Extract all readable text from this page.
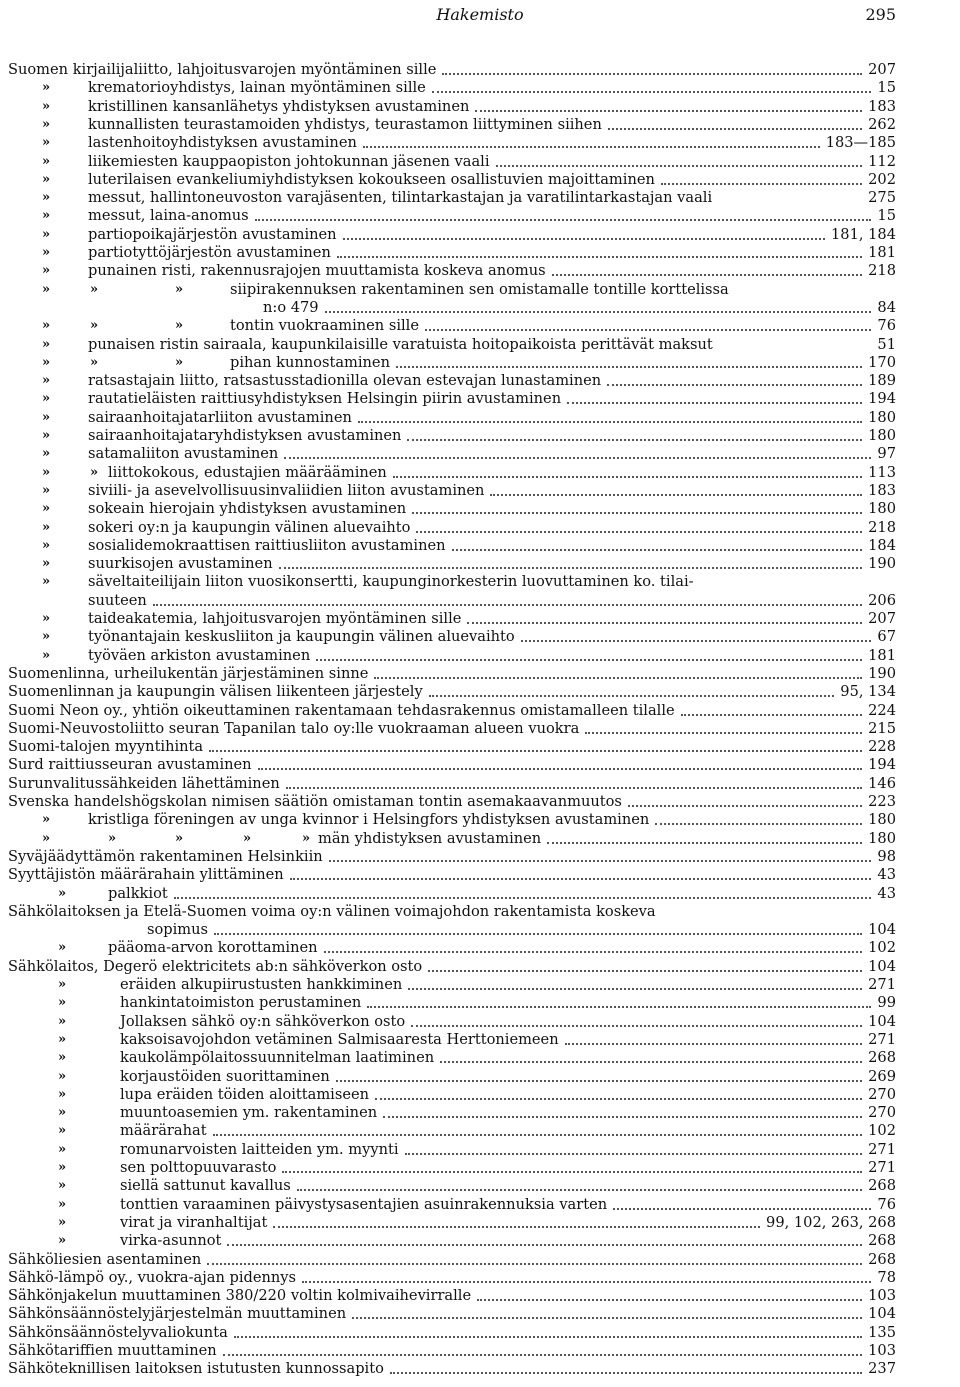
Hakemisto	295
Suomen kirjailijaliitto, lahjoitusvarojen myöntäminen sille	207
»	krematorioyhdistys, lainan myöntäminen sille	15
»	kristillinen kansanlähetys yhdistyksen avustaminen	183
»	kunnallisten teurastamoiden yhdistys, teurastamon liittyminen siihen	262
»	lastenhoitoyhdistyksen avustaminen	183—185
»	liikemiesten kauppaopiston johtokunnan jäsenen vaali	112
»	luterilaisen evankeliumiyhdistyksen kokoukseen osallistuvien majoittaminen	202
»	messut, hallintoneuvoston varajäsenten, tilintarkastajan ja varatilintarkastajan vaali	275
»	messut, laina-anomus	15
»	partiopoikajärjestön avustaminen	181, 184
»	partiotyttöjärjestön avustaminen	181
»	punainen risti, rakennusrajojen muuttamista koskeva anomus	218
»	»	»	siipirakennuksen rakentaminen sen omistamalle tontille korttelissa
n:o 479	84
»	»	»	tontin vuokraaminen sille	76
»	punaisen ristin sairaala, kaupunkilaisille varatuista hoitopaikoista perittävät maksut	51
»	»	»	pihan kunnostaminen	170
»	ratsastajain liitto, ratsastusstadionilla olevan estevajan lunastaminen	189
»	rautatieläisten raittiusyhdistyksen Helsingin piirin avustaminen	194
»	sairaanhoitajatarliiton avustaminen	180
»	sairaanhoitajataryhdistyksen avustaminen	180
»	satamaliiton avustaminen	97
»	» liittokokous, edustajien määrääminen	113
»	siviili- ja asevelvollisuusinvaliidien liiton avustaminen	183
»	sokeain hierojain yhdistyksen avustaminen	180
»	sokeri oy:n ja kaupungin välinen aluevaihto	218
»	sosialidemokraattisen raittiusliiton avustaminen	184
»	suurkisojen avustaminen	190
»	säveltaiteilijain liiton vuosikonsertti, kaupunginorkesterin luovuttaminen ko. tilai-
suuteen	206
»	taideakatemia, lahjoitusvarojen myöntäminen sille	207
»	työnantajain keskusliiton ja kaupungin välinen aluevaihto	67
»	työväen arkiston avustaminen	181
Suomenlinna, urheilukentän järjestäminen sinne	190
Suomenlinnan ja kaupungin välisen liikenteen järjestely	95, 134
Suomi Neon oy., yhtiön oikeuttaminen rakentamaan tehdasrakennus omistamalleen tilalle	224
Suomi-Neuvostoliitto seuran Tapanilan talo oy:lle vuokraaman alueen vuokra	215
Suomi-talojen myyntihinta	228
Surd raittiusseuran avustaminen	194
Surunvalitussähkeiden lähettäminen	146
Svenska handelshögskolan nimisen säätiön omistaman tontin asemakaavanmuutos	223
»	kristliga föreningen av unga kvinnor i Helsingfors yhdistyksen avustaminen	180
»	»	»	»	» män yhdistyksen avustaminen	180
Syväjäädyttämön rakentaminen Helsinkiin	98
Syyttäjistön määrärahain ylittäminen	43
»	palkkiot	43
Sähkölaitoksen ja Etelä-Suomen voima oy:n välinen voimajohdon rakentamista koskeva
sopimus	104
»	pääoma-arvon korottaminen	102
Sähkölaitos, Degerö elektricitets ab:n sähköverkon osto	104
»	eräiden alkupiirustusten hankkiminen	271
»	hankintatoimiston perustaminen	99
»	Jollaksen sähkö oy:n sähköverkon osto	104
»	kaksoisavojohdon vetäminen Salmisaaresta Herttoniemeen	271
»	kaukolämpölaitossuunnitelman laatiminen	268
»	korjaustöiden suorittaminen	269
»	lupa eräiden töiden aloittamiseen	270
»	muuntoasemien ym. rakentaminen	270
»	määrärahat	102
»	romunarvoisten laitteiden ym. myynti	271
»	sen polttopuuvarasto	271
»	siellä sattunut kavallus	268
»	tonttien varaaminen päivystysasentajien asuinrakennuksia varten	76
»	virat ja viranhaltijat	99, 102, 263, 268
»	virka-asunnot	268
Sähköliesien asentaminen	268
Sähkö-lämpö oy., vuokra-ajan pidennys	78
Sähkönjakelun muuttaminen 380/220 voltin kolmivaihevirralle	103
Sähkönsäännöstelyjärjestelmän muuttaminen	104
Sähkönsäännöstelyvaliokunta	135
Sähkötariffien muuttaminen	103
Sähköteknillisen laitoksen istutusten kunnossapito	237
